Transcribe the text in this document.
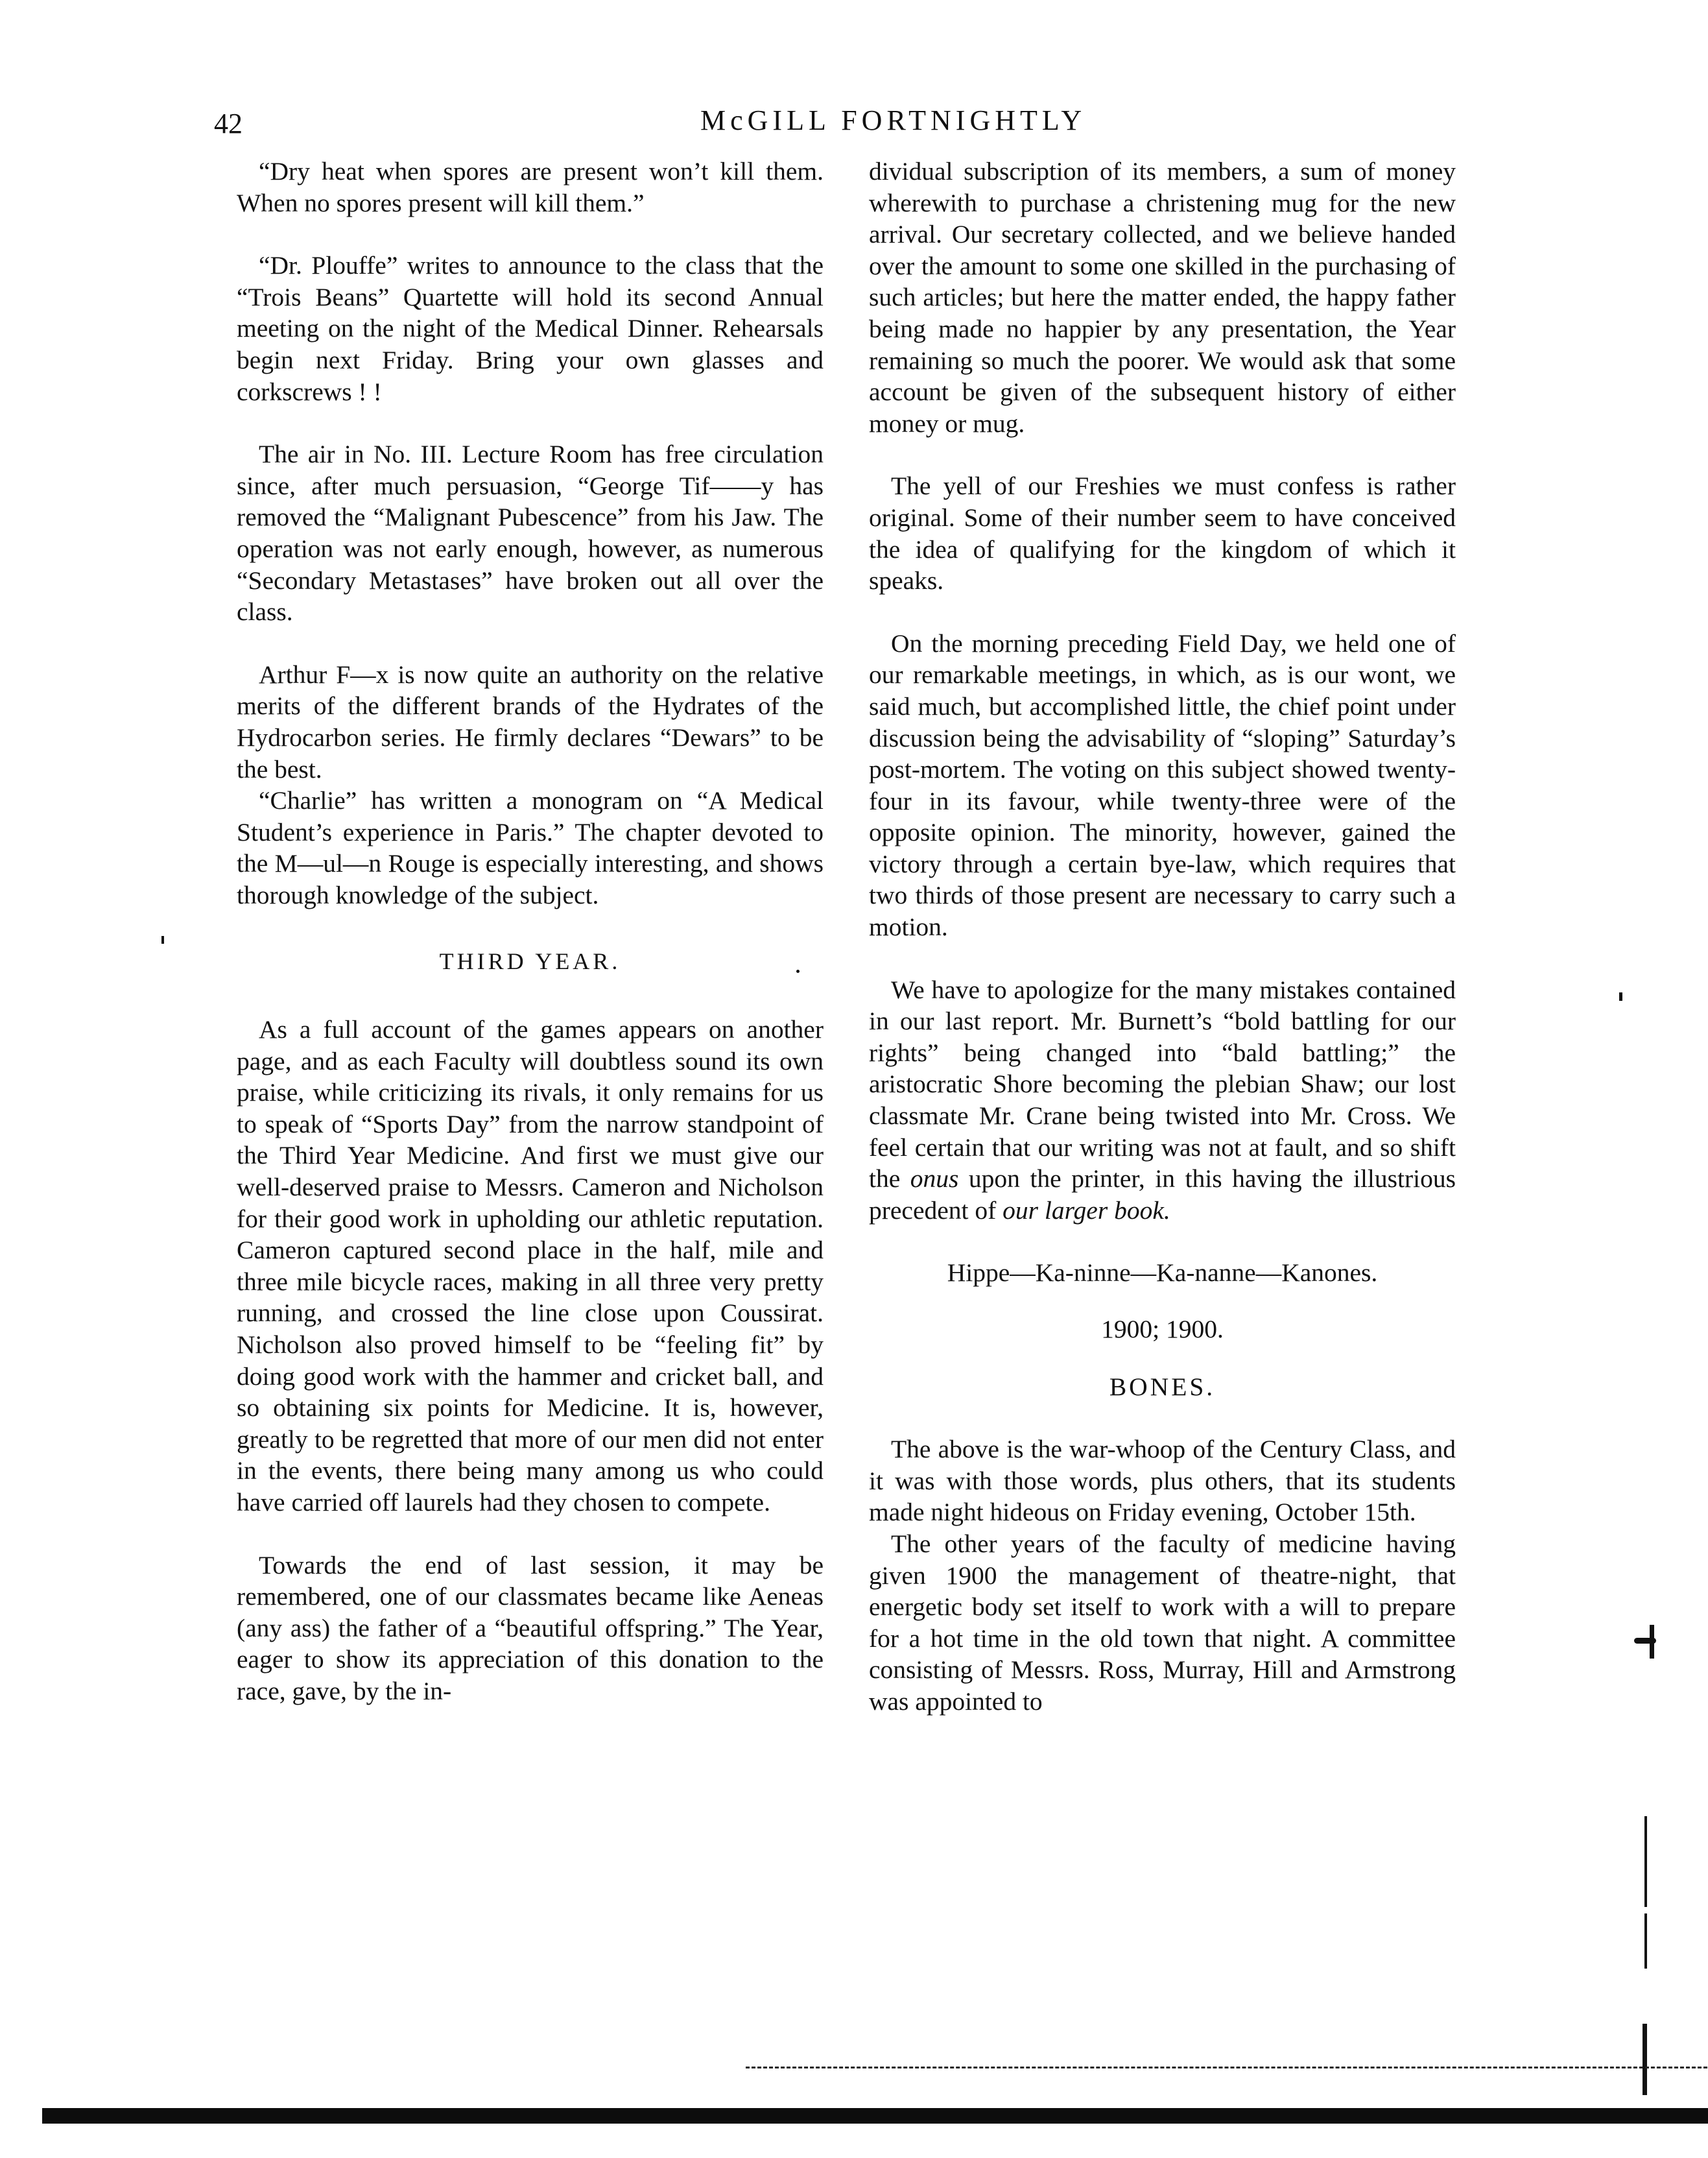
42	McGILL FORTNIGHTLY

“Dry heat when spores are present won’t kill them. When no spores present will kill them.”

“Dr. Plouffe” writes to announce to the class that the “Trois Beans” Quartette will hold its second Annual meeting on the night of the Medical Dinner. Rehearsals begin next Friday. Bring your own glasses and corkscrews ! !

The air in No. III. Lecture Room has free circulation since, after much persuasion, “George Tif——y has removed the “Malignant Pubescence” from his Jaw. The operation was not early enough, however, as numerous “Secondary Metastases” have broken out all over the class.

Arthur F—x is now quite an authority on the relative merits of the different brands of the Hydrates of the Hydrocarbon series. He firmly declares “Dewars” to be the best.

“Charlie” has written a monogram on “A Medical Student’s experience in Paris.” The chapter devoted to the M—ul—n Rouge is especially interesting, and shows thorough knowledge of the subject.

THIRD YEAR.

As a full account of the games appears on another page, and as each Faculty will doubtless sound its own praise, while criticizing its rivals, it only remains for us to speak of “Sports Day” from the narrow standpoint of the Third Year Medicine. And first we must give our well-deserved praise to Messrs. Cameron and Nicholson for their good work in upholding our athletic reputation. Cameron captured second place in the half, mile and three mile bicycle races, making in all three very pretty running, and crossed the line close upon Coussirat. Nicholson also proved himself to be “feeling fit” by doing good work with the hammer and cricket ball, and so obtaining six points for Medicine. It is, however, greatly to be regretted that more of our men did not enter in the events, there being many among us who could have carried off laurels had they chosen to compete.

Towards the end of last session, it may be remembered, one of our classmates became like Aeneas (any ass) the father of a “beautiful offspring.” The Year, eager to show its appreciation of this donation to the race, gave, by the in-

dividual subscription of its members, a sum of money wherewith to purchase a christening mug for the new arrival. Our secretary collected, and we believe handed over the amount to some one skilled in the purchasing of such articles; but here the matter ended, the happy father being made no happier by any presentation, the Year remaining so much the poorer. We would ask that some account be given of the subsequent history of either money or mug.

The yell of our Freshies we must confess is rather original. Some of their number seem to have conceived the idea of qualifying for the kingdom of which it speaks.

On the morning preceding Field Day, we held one of our remarkable meetings, in which, as is our wont, we said much, but accomplished little, the chief point under discussion being the advisability of “sloping” Saturday’s post-mortem. The voting on this subject showed twenty-four in its favour, while twenty-three were of the opposite opinion. The minority, however, gained the victory through a certain bye-law, which requires that two thirds of those present are necessary to carry such a motion.

We have to apologize for the many mistakes contained in our last report. Mr. Burnett’s “bold battling for our rights” being changed into “bald battling;” the aristocratic Shore becoming the plebian Shaw; our lost classmate Mr. Crane being twisted into Mr. Cross. We feel certain that our writing was not at fault, and so shift the onus upon the printer, in this having the illustrious precedent of our larger book.

Hippe—Ka-ninne—Ka-nanne—Kanones.
1900; 1900.
BONES.

The above is the war-whoop of the Century Class, and it was with those words, plus others, that its students made night hideous on Friday evening, October 15th.

The other years of the faculty of medicine having given 1900 the management of theatre-night, that energetic body set itself to work with a will to prepare for a hot time in the old town that night. A committee consisting of Messrs. Ross, Murray, Hill and Armstrong was appointed to
